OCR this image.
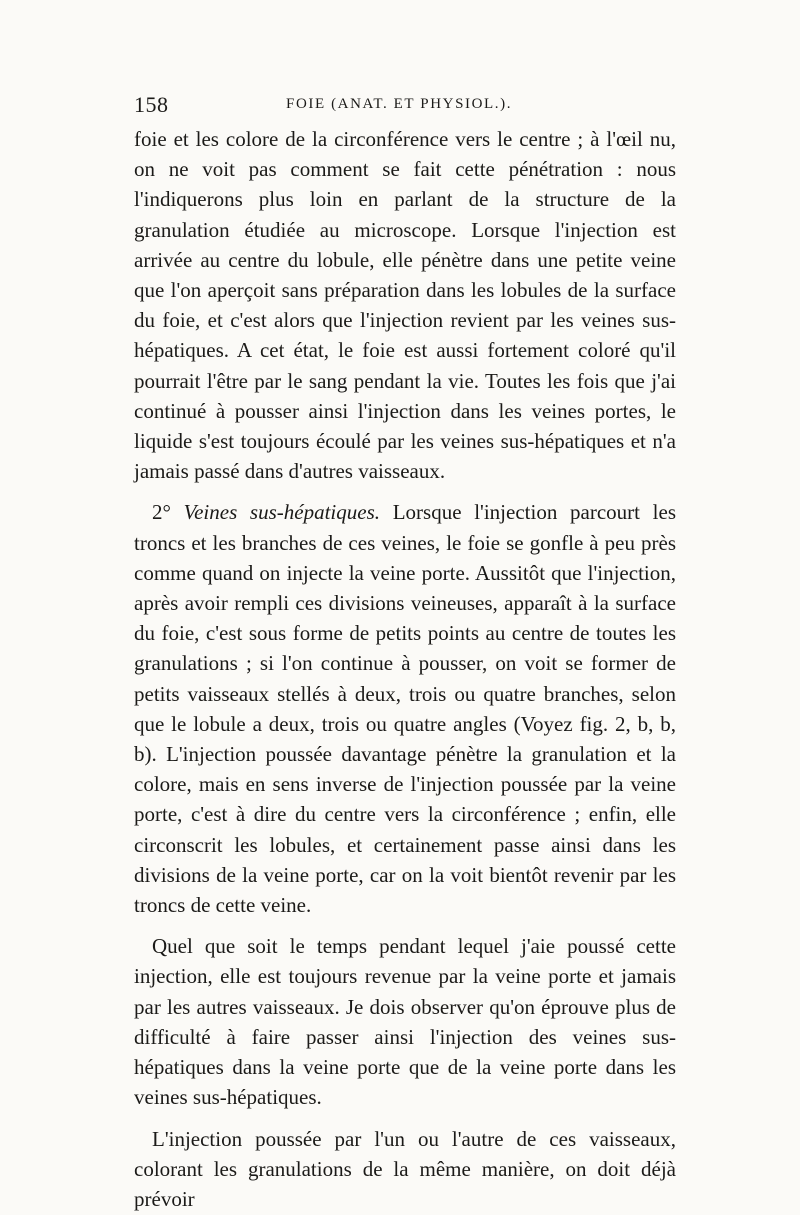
158	FOIE (ANAT. ET PHYSIOL.).

foie et les colore de la circonférence vers le centre ; à l'œil nu, on ne voit pas comment se fait cette pénétration : nous l'indiquerons plus loin en parlant de la structure de la granulation étudiée au microscope. Lorsque l'injection est arrivée au centre du lobule, elle pénètre dans une petite veine que l'on aperçoit sans préparation dans les lobules de la surface du foie, et c'est alors que l'injection revient par les veines sus-hépatiques. A cet état, le foie est aussi fortement coloré qu'il pourrait l'être par le sang pendant la vie. Toutes les fois que j'ai continué à pousser ainsi l'injection dans les veines portes, le liquide s'est toujours écoulé par les veines sus-hépatiques et n'a jamais passé dans d'autres vaisseaux.

2° Veines sus-hépatiques. Lorsque l'injection parcourt les troncs et les branches de ces veines, le foie se gonfle à peu près comme quand on injecte la veine porte. Aussitôt que l'injection, après avoir rempli ces divisions veineuses, apparaît à la surface du foie, c'est sous forme de petits points au centre de toutes les granulations ; si l'on continue à pousser, on voit se former de petits vaisseaux stellés à deux, trois ou quatre branches, selon que le lobule a deux, trois ou quatre angles (Voyez fig. 2, b, b, b). L'injection poussée davantage pénètre la granulation et la colore, mais en sens inverse de l'injection poussée par la veine porte, c'est à dire du centre vers la circonférence ; enfin, elle circonscrit les lobules, et certainement passe ainsi dans les divisions de la veine porte, car on la voit bientôt revenir par les troncs de cette veine.

Quel que soit le temps pendant lequel j'aie poussé cette injection, elle est toujours revenue par la veine porte et jamais par les autres vaisseaux. Je dois observer qu'on éprouve plus de difficulté à faire passer ainsi l'injection des veines sus-hépatiques dans la veine porte que de la veine porte dans les veines sus-hépatiques.

L'injection poussée par l'un ou l'autre de ces vaisseaux, colorant les granulations de la même manière, on doit déjà prévoir
